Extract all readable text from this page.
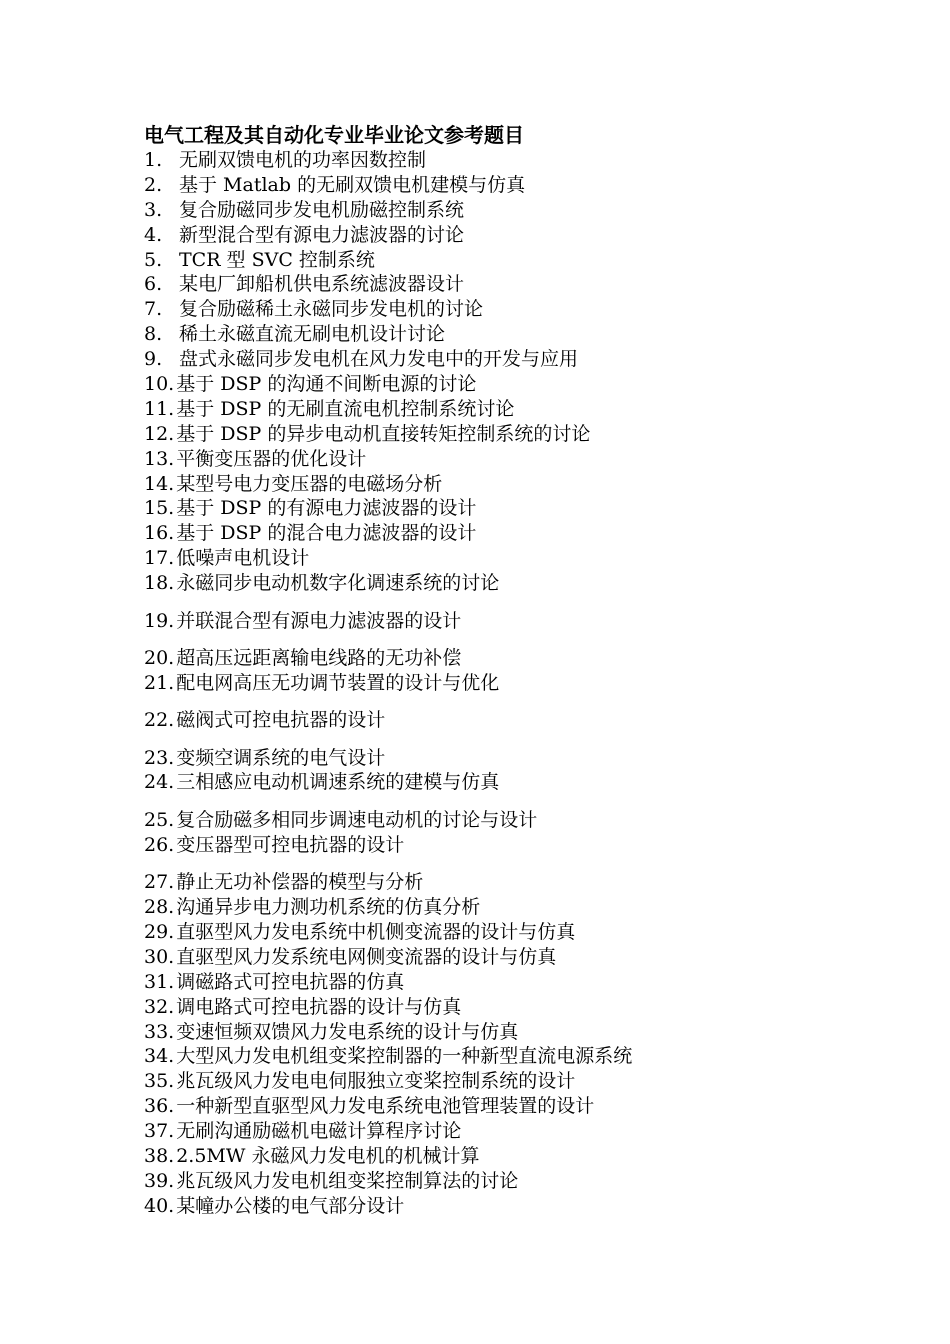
电气工程及其自动化专业毕业论文参考题目
1. 无刷双馈电机的功率因数控制
2. 基于 Matlab 的无刷双馈电机建模与仿真
3. 复合励磁同步发电机励磁控制系统
4. 新型混合型有源电力滤波器的讨论
5. TCR 型 SVC 控制系统
6. 某电厂卸船机供电系统滤波器设计
7. 复合励磁稀土永磁同步发电机的讨论
8. 稀土永磁直流无刷电机设计讨论
9. 盘式永磁同步发电机在风力发电中的开发与应用
10. 基于 DSP 的沟通不间断电源的讨论
11. 基于 DSP 的无刷直流电机控制系统讨论
12. 基于 DSP 的异步电动机直接转矩控制系统的讨论
13. 平衡变压器的优化设计
14. 某型号电力变压器的电磁场分析
15. 基于 DSP 的有源电力滤波器的设计
16. 基于 DSP 的混合电力滤波器的设计
17. 低噪声电机设计
18. 永磁同步电动机数字化调速系统的讨论
19. 并联混合型有源电力滤波器的设计
20. 超高压远距离输电线路的无功补偿
21. 配电网高压无功调节装置的设计与优化
22. 磁阀式可控电抗器的设计
23. 变频空调系统的电气设计
24. 三相感应电动机调速系统的建模与仿真
25. 复合励磁多相同步调速电动机的讨论与设计
26. 变压器型可控电抗器的设计
27. 静止无功补偿器的模型与分析
28. 沟通异步电力测功机系统的仿真分析
29. 直驱型风力发电系统中机侧变流器的设计与仿真
30. 直驱型风力发系统电网侧变流器的设计与仿真
31. 调磁路式可控电抗器的仿真
32. 调电路式可控电抗器的设计与仿真
33. 变速恒频双馈风力发电系统的设计与仿真
34. 大型风力发电机组变桨控制器的一种新型直流电源系统
35. 兆瓦级风力发电电伺服独立变桨控制系统的设计
36. 一种新型直驱型风力发电系统电池管理装置的设计
37. 无刷沟通励磁机电磁计算程序讨论
38. 2.5MW 永磁风力发电机的机械计算
39. 兆瓦级风力发电机组变桨控制算法的讨论
40. 某幢办公楼的电气部分设计
